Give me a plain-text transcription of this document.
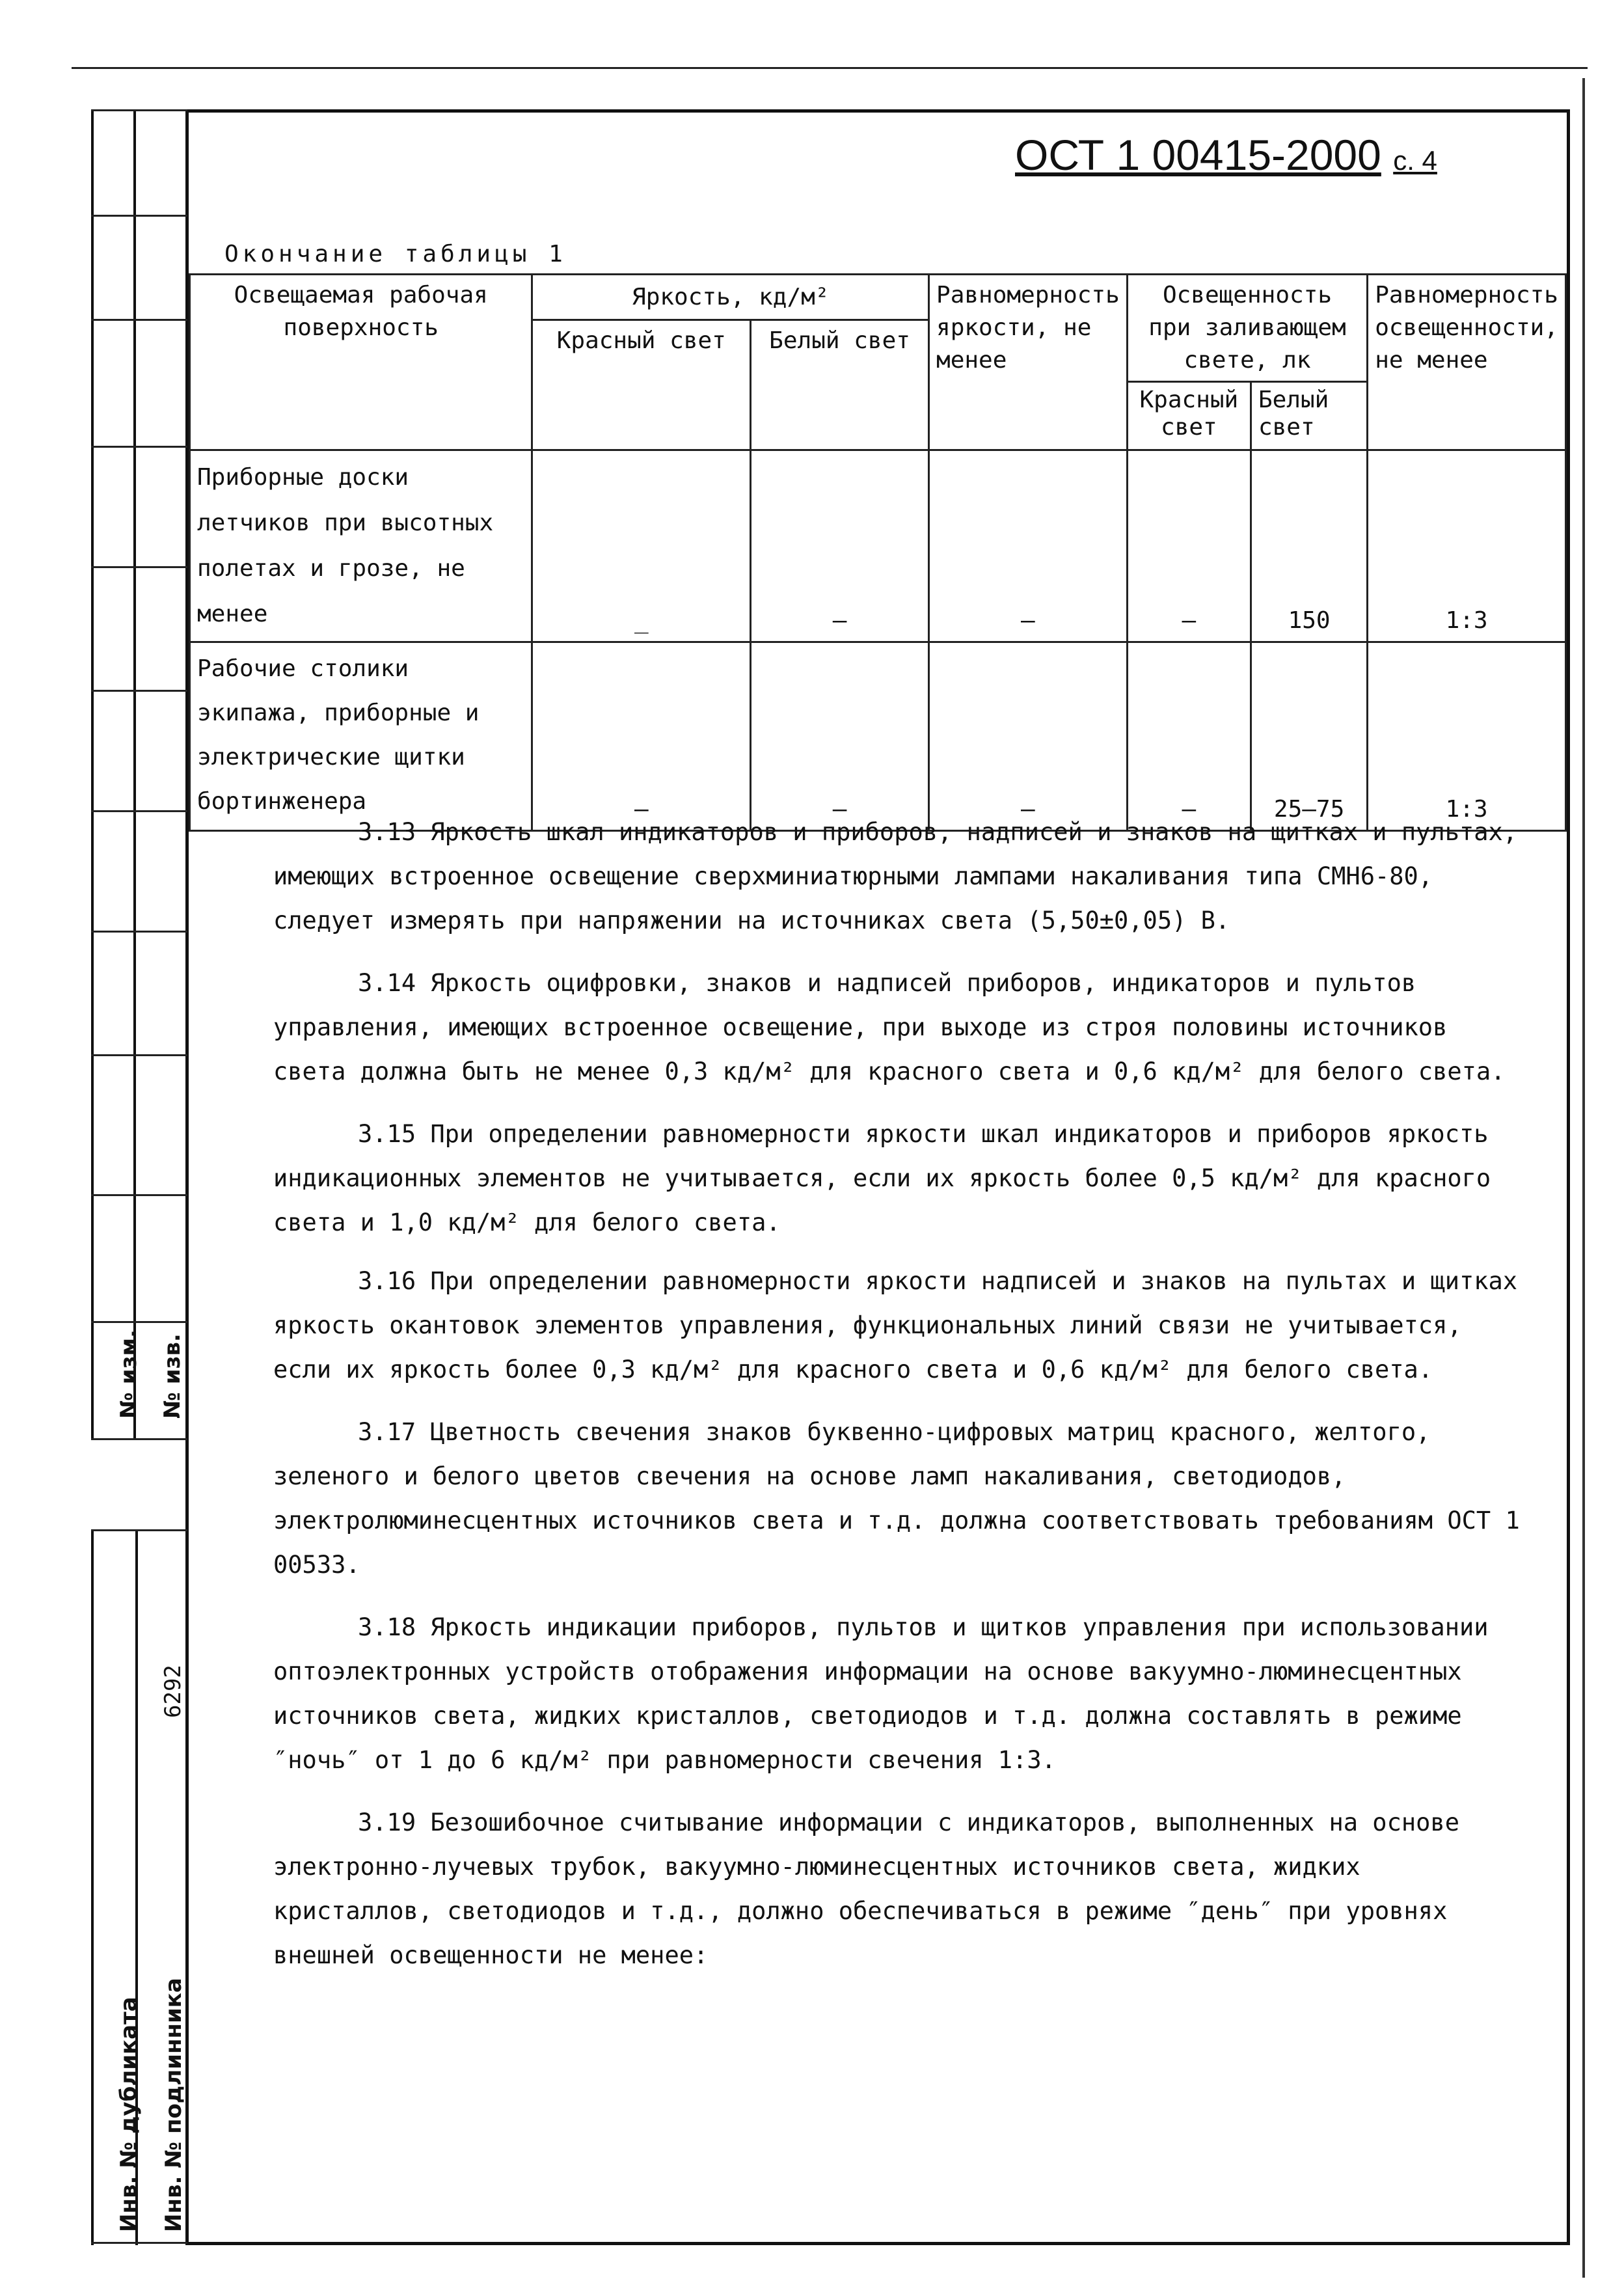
№ изм. № изв.
6292
Инв. № дубликата Инв. № подлинника
ОСТ 1 00415-2000 с. 4
Окончание таблицы 1
Освещаемая рабочая поверхность	Яркость, кд/м²		Равномерность яркости, не менее	Освещенность при заливающем свете, лк		Равномерность освещенности, не менее
	Красный свет	Белый свет				
				Красный свет	Белый свет	
Приборные доски летчиков при высотных полетах и грозе, не менее	_	–	–	–	150	1:3
Рабочие столики экипажа, приборные и электрические щитки бортинженера	–	–	–	–	25–75	1:3

3.13 Яркость шкал индикаторов и приборов, надписей и знаков на щитках и пультах, имеющих встроенное освещение сверхминиатюрными лампами накаливания типа СМН6-80, следует измерять при напряжении на источниках света (5,50±0,05) В.

3.14 Яркость оцифровки, знаков и надписей приборов, индикаторов и пультов управления, имеющих встроенное освещение, при выходе из строя половины источников света должна быть не менее 0,3 кд/м² для красного света и 0,6 кд/м² для белого света.

3.15 При определении равномерности яркости шкал индикаторов и приборов яркость индикационных элементов не учитывается, если их яркость более 0,5 кд/м² для красного света и 1,0 кд/м² для белого света.

3.16 При определении равномерности яркости надписей и знаков на пультах и щитках яркость окантовок элементов управления, функциональных линий связи не учитывается, если их яркость более 0,3 кд/м² для красного света и 0,6 кд/м² для белого света.

3.17 Цветность свечения знаков буквенно-цифровых матриц красного, желтого, зеленого и белого цветов свечения на основе ламп накаливания, светодиодов, электролюминесцентных источников света и т.д. должна соответствовать требованиям ОСТ 1 00533.

3.18 Яркость индикации приборов, пультов и щитков управления при использовании оптоэлектронных устройств отображения информации на основе вакуумно-люминесцентных источников света, жидких кристаллов, светодиодов и т.д. должна составлять в режиме ″ночь″ от 1 до 6 кд/м² при равномерности свечения 1:3.

3.19 Безошибочное считывание информации с индикаторов, выполненных на основе электронно-лучевых трубок, вакуумно-люминесцентных источников света, жидких кристаллов, светодиодов и т.д., должно обеспечиваться в режиме ″день″ при уровнях внешней освещенности не менее:
